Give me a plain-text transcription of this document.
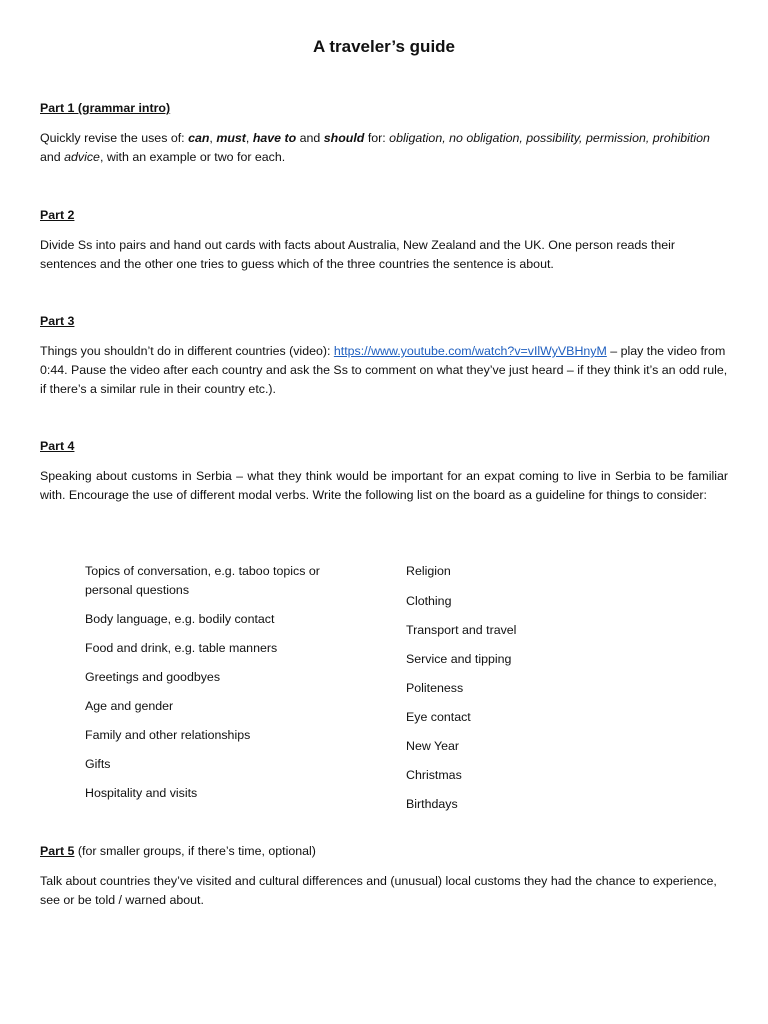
A traveler’s guide

Part 1 (grammar intro)

Quickly revise the uses of: can, must, have to and should for: obligation, no obligation, possibility, permission, prohibition and advice, with an example or two for each.

Part 2

Divide Ss into pairs and hand out cards with facts about Australia, New Zealand and the UK. One person reads their sentences and the other one tries to guess which of the three countries the sentence is about.

Part 3

Things you shouldn’t do in different countries (video): https://www.youtube.com/watch?v=vIlWyVBHnyM – play the video from 0:44. Pause the video after each country and ask the Ss to comment on what they’ve just heard – if they think it’s an odd rule, if there’s a similar rule in their country etc.).

Part 4

Speaking about customs in Serbia – what they think would be important for an expat coming to live in Serbia to be familiar with. Encourage the use of different modal verbs. Write the following list on the board as a guideline for things to consider:

Topics of conversation, e.g. taboo topics or
personal questions
Body language, e.g. bodily contact
Food and drink, e.g. table manners
Greetings and goodbyes
Age and gender
Family and other relationships
Gifts
Hospitality and visits
Religion
Clothing
Transport and travel
Service and tipping
Politeness
Eye contact
New Year
Christmas
Birthdays

Part 5 (for smaller groups, if there’s time, optional)

Talk about countries they’ve visited and cultural differences and (unusual) local customs they had the chance to experience, see or be told / warned about.
